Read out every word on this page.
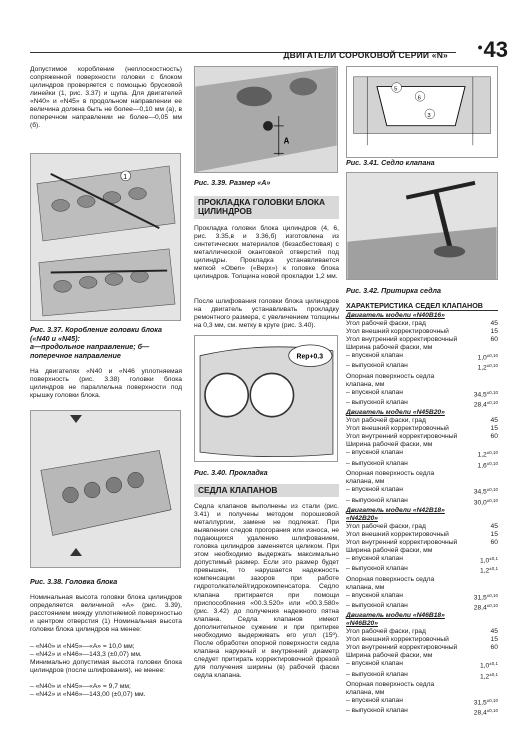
ДВИГАТЕЛИ СОРОКОВОЙ СЕРИИ «N» •43
Допустимое коробление (неплоскостность) сопряженной поверхности головки с блоком цилиндров проверяется с помощью брусковой линейки (1, рис. 3.37) и щупа. Для двигателей «N40» и «N45» в продольном направлении ее величина должна быть не более—0,10 мм (а), в поперечном направлении не более—0,05 мм (б).
1
Рис. 3.37. Коробление головки блока («N40 и «N45):
а—продольное направление; б—поперечное направление
На двигателях «N40 и «N46 уплотняемая поверхность (рис. 3.38) головки блока цилиндров не параллельна поверхности под крышку головки блока.
Рис. 3.38. Головка блока
Номинальная высота головки блока цилиндров определяется величиной «А» (рис. 3.39), расстоянием между уплотняемой поверхностью и центром отверстия (1) Номинальная высота головки блока цилиндров на менее:
– «N40» и «N45»—«А» = 10,0 мм;
– «N42» и «N46»—143,3 (±0,07) мм.
Минимально допустимая высота головки блока цилиндров (после шлифования), не менее:
– «N40» и «N45»—«А» = 9,7 мм;
– «N42» и «N46»—143,00 (±0,07) мм.
A
Рис. 3.39. Размер «А»
ПРОКЛАДКА ГОЛОВКИ БЛОКА ЦИЛИНДРОВ
Прокладка головки блока цилиндров (4, 6, рис. 3.35,в и 3.36,б) изготовлена из синтетических материалов (безасбестовая) с металлической окантовкой отверстий под цилиндры. Прокладка устанавливается меткой «Oben» («Верх») к головке блока цилиндров. Толщина новой прокладки 1,2 мм.
После шлифования головки блока цилиндров на двигатель устанавливать прокладку ремонтного размера, с увеличением толщины на 0,3 мм, см. метку в круге (рис. 3.40).
Rep+0.3
Рис. 3.40. Прокладка
СЕДЛА КЛАПАНОВ
Седла клапанов выполнены из стали (рис. 3.41) и получены методом порошковой металлургии, замене не подлежат. При выявлении следов прогорания или износа, не подающихся удалению шлифованием, головка цилиндров заменяется целиком. При этом необходимо выдержать максимально допустимый размер. Если это размер будет превышен, то нарушается надежность компенсации зазоров при работе гидротолкателей/гидрокомпенсатора. Седло клапана притирается при помощи приспособления «00.3.520» или «00.3.580» (рис. 3.42) до получения надежного пятна клапана. Седла клапанов имеют дополнительное сужение и при притирке необходимо выдерживать его угол (15º). После обработки опорной поверхности седла клапана наружный и внутренний диаметр следует притирать корректировочной фрезой для получения ширины (в) рабочей фаски седла клапана.
5
6
3
Рис. 3.41. Седло клапана
Рис. 3.42. Притирка седла
ХАРАКТЕРИСТИКА СЕДЕЛ КЛАПАНОВ
Двигатель модели «N40B16»
Угол рабочей фаски, град	45
Угол внешний корректировочный	15
Угол внутренний корректировочный	60
Ширина рабочей фаски, мм
– впускной клапан	$1,0^{\pm 0,10}$
– выпускной клапан	$1,2^{\pm 0,10}$
Опорная поверхность седла
клапана, мм
– впускной клапан	$34,5^{\pm 0,10}$
– выпускной клапан	$28,4^{\pm 0,10}$
Двигатель модели «N45B20»
Угол рабочей фаски, град	45
Угол внешний корректировочный	15
Угол внутренний корректировочный	60
Ширина рабочей фаски, мм
– впускной клапан	$1,2^{\pm 0,10}$
– выпускной клапан	$1,6^{\pm 0,10}$
Опорная поверхность седла
клапана, мм
– впускной клапан	$34,5^{\pm 0,10}$
– выпускной клапан	$30,0^{\pm 0,10}$
Двигатель модели «N42B18»
«N42B20»
Угол рабочей фаски, град	45
Угол внешний корректировочный	15
Угол внутренний корректировочный	60
Ширина рабочей фаски, мм
– впускной клапан	$1,0^{\pm 0,1}$
– выпускной клапан	$1,2^{\pm 0,1}$
Опорная поверхность седла
клапана, мм
– впускной клапан	$31,5^{\pm 0,10}$
– выпускной клапан	$28,4^{\pm 0,10}$
Двигатель модели «N46B18»
«N46B20»
Угол рабочей фаски, град	45
Угол внешний корректировочный	15
Угол внутренний корректировочный	60
Ширина рабочей фаски, мм
– впускной клапан	$1,0^{\pm 0,1}$
– выпускной клапан	$1,2^{\pm 0,1}$
Опорная поверхность седла
клапана, мм
– впускной клапан	$31,5^{\pm 0,10}$
– выпускной клапан	$28,4^{\pm 0,10}$
